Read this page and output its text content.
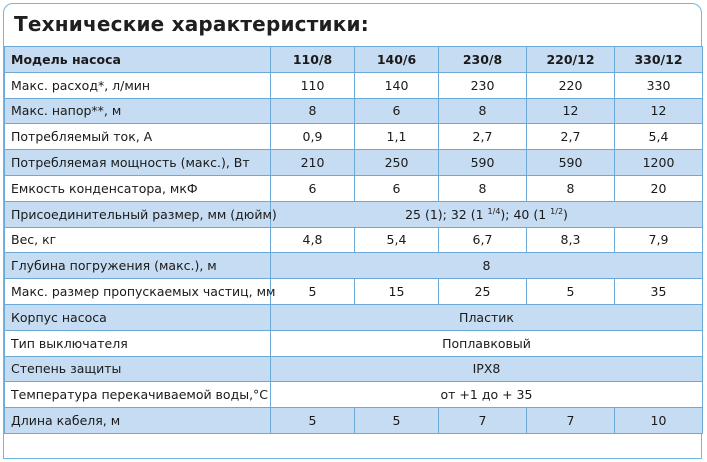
Технические характеристики:
Модель насоса	110/8	140/6	230/8	220/12	330/12
Макс. расход*, л/мин	110	140	230	220	330
Макс. напор**, м	8	6	8	12	12
Потребляемый ток, А	0,9	1,1	2,7	2,7	5,4
Потребляемая мощность (макс.), Вт	210	250	590	590	1200
Емкость конденсатора, мкФ	6	6	8	8	20
Присоединительный размер, мм (дюйм)	25 (1); 32 (1 $^{1/4}$); 40 (1 $^{1/2}$)				
Вес, кг	4,8	5,4	6,7	8,3	7,9
Глубина погружения (макс.), м	8				
Макс. размер пропускаемых частиц, мм	5	15	25	5	35
Корпус насоса	Пластик				
Тип выключателя	Поплавковый				
Степень защиты	IPX8				
Температура перекачиваемой воды,°С	от +1 до + 35				
Длина кабеля, м	5	5	7	7	10
